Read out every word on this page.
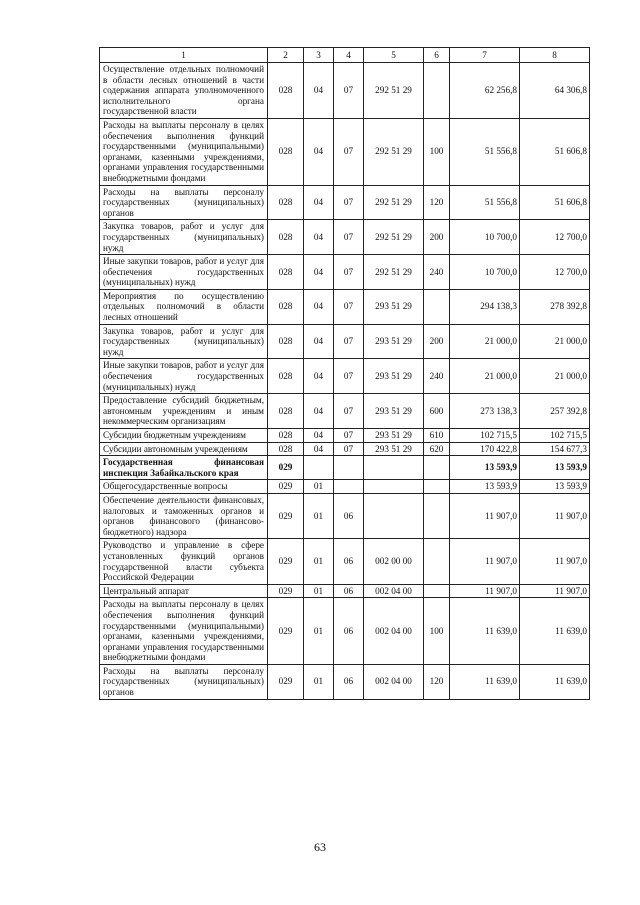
1	2	3	4	5	6	7	8
Осуществление отдельных полномочий в области лесных отношений в части содержания аппарата уполномоченного исполнительного органа государственной власти	028	04	07	292 51 29		62 256,8	64 306,8
Расходы на выплаты персоналу в целях обеспечения выполнения функций государственными (муниципальными) органами, казенными учреждениями, органами управления государственными внебюджетными фондами	028	04	07	292 51 29	100	51 556,8	51 606,8
Расходы на выплаты персоналу государственных (муниципальных) органов	028	04	07	292 51 29	120	51 556,8	51 606,8
Закупка товаров, работ и услуг для государственных (муниципальных) нужд	028	04	07	292 51 29	200	10 700,0	12 700,0
Иные закупки товаров, работ и услуг для обеспечения государственных (муниципальных) нужд	028	04	07	292 51 29	240	10 700,0	12 700,0
Мероприятия по осуществлению отдельных полномочий в области лесных отношений	028	04	07	293 51 29		294 138,3	278 392,8
Закупка товаров, работ и услуг для государственных (муниципальных) нужд	028	04	07	293 51 29	200	21 000,0	21 000,0
Иные закупки товаров, работ и услуг для обеспечения государственных (муниципальных) нужд	028	04	07	293 51 29	240	21 000,0	21 000,0
Предоставление субсидий бюджетным, автономным учреждениям и иным некоммерческим организациям	028	04	07	293 51 29	600	273 138,3	257 392,8
Субсидии бюджетным учреждениям	028	04	07	293 51 29	610	102 715,5	102 715,5
Субсидии автономным учреждениям	028	04	07	293 51 29	620	170 422,8	154 677,3
Государственная финансовая инспекция Забайкальского края	029					13 593,9	13 593,9
Общегосударственные вопросы	029	01				13 593,9	13 593,9
Обеспечение деятельности финансовых, налоговых и таможенных органов и органов финансового (финансово-бюджетного) надзора	029	01	06			11 907,0	11 907,0
Руководство и управление в сфере установленных функций органов государственной власти субъекта Российской Федерации	029	01	06	002 00 00		11 907,0	11 907,0
Центральный аппарат	029	01	06	002 04 00		11 907,0	11 907,0
Расходы на выплаты персоналу в целях обеспечения выполнения функций государственными (муниципальными) органами, казенными учреждениями, органами управления государственными внебюджетными фондами	029	01	06	002 04 00	100	11 639,0	11 639,0
Расходы на выплаты персоналу государственных (муниципальных) органов	029	01	06	002 04 00	120	11 639,0	11 639,0
63
